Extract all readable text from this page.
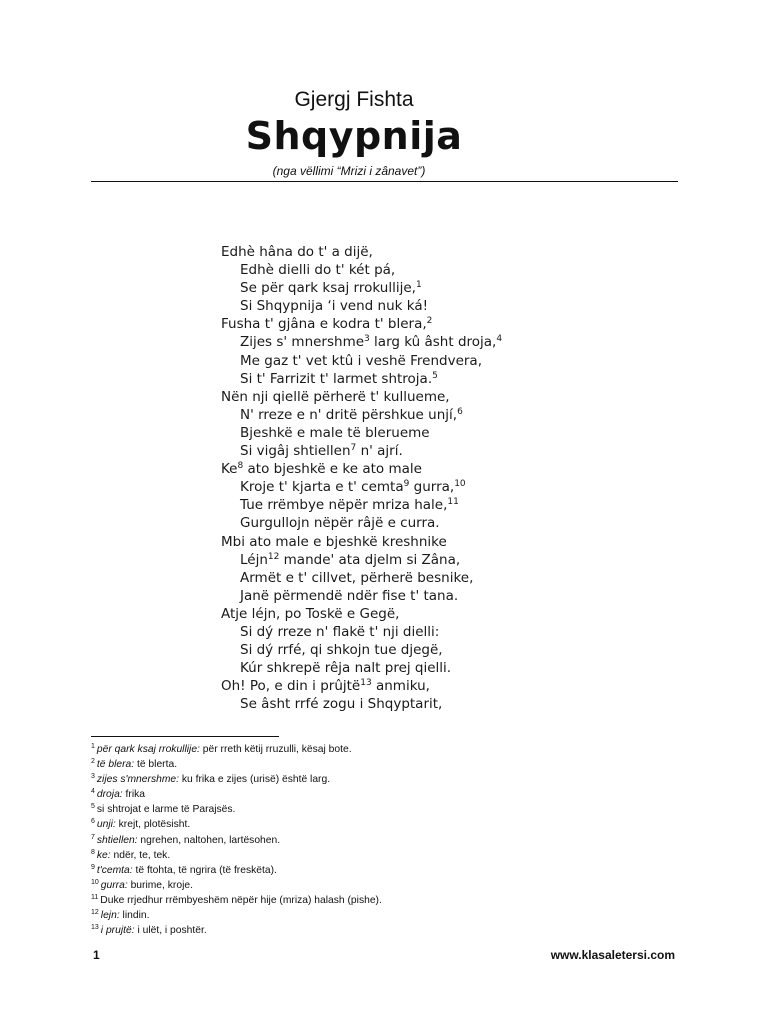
Gjergj Fishta
Shqypnija
(nga vëllimi “Mrizi i zânavet”)
Edhè hâna do t' a dijë,
Edhè dielli do t' két pá,
Se për qark ksaj rrokullije,$^1$
Si Shqypnija ‘i vend nuk ká!
Fusha t' gjâna e kodra t' blera,$^2$
Zijes s' mnershme$^3$ larg kû âsht droja,$^4$
Me gaz t' vet ktû i veshë Frendvera,
Si t' Farrizit t' larmet shtroja.$^5$
Nën nji qiellë përherë t' kullueme,
N' rreze e n' dritë përshkue unjí,$^6$
Bjeshkë e male të blerueme
Si vigâj shtiellen$^7$ n' ajrí.
Ke$^8$ ato bjeshkë e ke ato male
Kroje t' kjarta e t' cemta$^9$ gurra,$^{10}$
Tue rrëmbye nëpër mriza hale,$^{11}$
Gurgullojn nëpër râjë e curra.
Mbi ato male e bjeshkë kreshnike
Léjn$^{12}$ mande' ata djelm si Zâna,
Armët e t' cillvet, përherë besnike,
Janë përmendë ndër fise t' tana.
Atje léjn, po Toskë e Gegë,
Si dý rreze n' flakë t' nji dielli:
Si dý rrfé, qi shkojn tue djegë,
Kúr shkrepë rêja nalt prej qielli.
Oh! Po, e din i prûjtë$^{13}$ anmiku,
Se âsht rrfé zogu i Shqyptarit,
$^1$ për qark ksaj rrokullije: për rreth këtij rruzulli, kësaj bote.
$^2$ të blera: të blerta.
$^3$ zijes s'mnershme: ku frika e zijes (urisë) është larg.
$^4$ droja: frika
$^5$ si shtrojat e larme të Parajsës.
$^6$ unji: krejt, plotësisht.
$^7$ shtiellen: ngrehen, naltohen, lartësohen.
$^8$ ke: ndër, te, tek.
$^9$ t'cemta: të ftohta, të ngrira (të freskëta).
$^{10}$ gurra: burime, kroje.
$^{11}$ Duke rrjedhur rrëmbyeshëm nëpër hije (mriza) halash (pishe).
$^{12}$ lejn: lindin.
$^{13}$ i prujtë: i ulët, i poshtër.
1	www.klasaletersi.com
